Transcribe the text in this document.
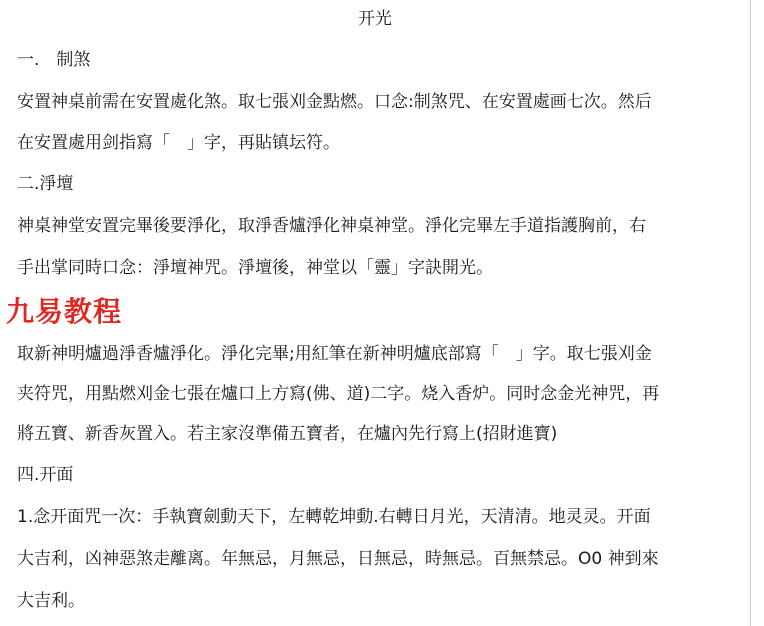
开光
一.　制煞
安置神桌前需在安置處化煞。取七張刈金點燃。口念:制煞咒、在安置處画七次。然后
在安置處用剑指寫「　」字，再貼镇坛符。
二.淨壇
神桌神堂安置完畢後要淨化，取淨香爐淨化神桌神堂。淨化完畢左手道指護胸前，右
手出掌同時口念：淨壇神咒。淨壇後，神堂以「靈」字訣開光。
九易教程
取新神明爐過淨香爐淨化。淨化完畢;用紅筆在新神明爐底部寫「　」字。取七張刈金
夹符咒，用點燃刈金七張在爐口上方寫(佛、道)二字。烧入香炉。同时念金光神咒，再
將五寶、新香灰置入。若主家沒準備五寶者，在爐內先行寫上(招財進寶)
四.开面
1.念开面咒一次：手執寶劍動天下，左轉乾坤動.右轉日月光，天清清。地灵灵。开面
大吉利，凶神惡煞走離离。年無忌，月無忌，日無忌，時無忌。百無禁忌。O0 神到來
大吉利。
